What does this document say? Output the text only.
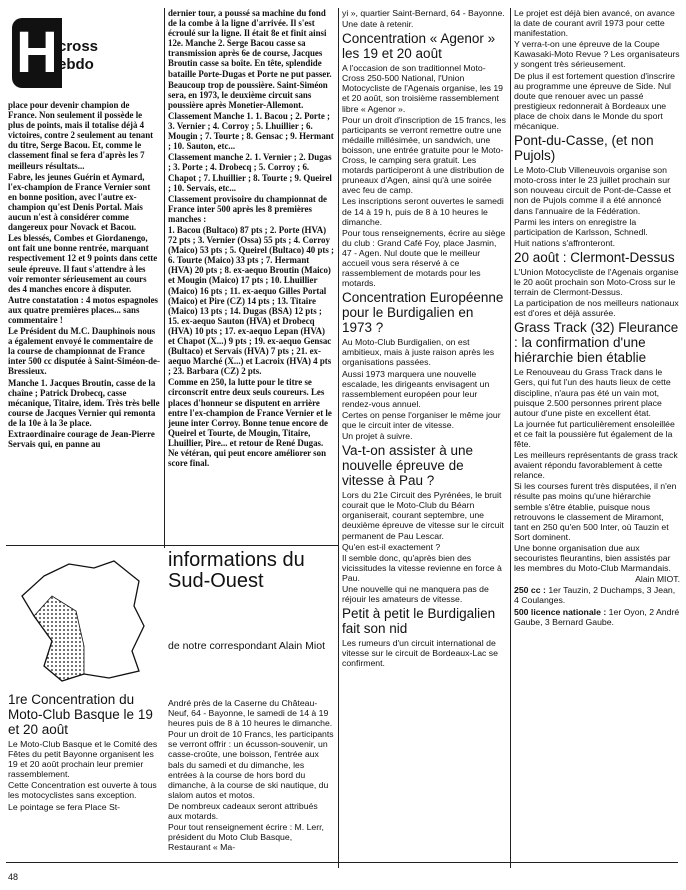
H cross
ebdo

place pour devenir champion de France. Non seulement il possède le plus de points, mais il totalise déjà 4 victoires, contre 2 seulement au tenant du titre, Serge Bacou. Et, comme le classement final se fera d'après les 7 meilleurs résultats...

Fabre, les jeunes Guérin et Aymard, l'ex-champion de France Vernier sont en bonne position, avec l'autre ex-champion qu'est Denis Portal. Mais aucun n'est à considérer comme dangereux pour Novack et Bacou.

Les blessés, Combes et Giordanengo, ont fait une bonne rentrée, marquant respectivement 12 et 9 points dans cette seule épreuve. Il faut s'attendre à les voir remonter sérieusement au cours des 4 manches encore à disputer.

Autre constatation : 4 motos espagnoles aux quatre premières places... sans commentaire !

Le Président du M.C. Dauphinois nous a également envoyé le commentaire de la course de championnat de France inter 500 cc disputée à Saint-Siméon-de-Bressieux.

Manche 1. Jacques Broutin, casse de la chaîne ; Patrick Drobecq, casse mécanique, Titaire, idem. Très très belle course de Jacques Vernier qui remonta de la 10e à la 3e place.

Extraordinaire courage de Jean-Pierre Servais qui, en panne au

dernier tour, a poussé sa machine du fond de la combe à la ligne d'arrivée. Il s'est écroulé sur la ligne. Il était 8e et finit ainsi 12e. Manche 2. Serge Bacou casse sa transmission après 6e de course, Jacques Broutin casse sa boîte. En tête, splendide bataille Porte-Dugas et Porte ne put passer.

Beaucoup trop de poussière. Saint-Siméon sera, en 1973, le deuxième circuit sans poussière après Monetier-Allemont.

Classement Manche 1. 1. Bacou ; 2. Porte ; 3. Vernier ; 4. Corroy ; 5. Lhuillier ; 6. Mougin ; 7. Tourte ; 8. Gensac ; 9. Hermant ; 10. Sauton, etc...

Classement manche 2. 1. Vernier ; 2. Dugas ; 3. Porte ; 4. Drobecq ; 5. Corroy ; 6. Chapot ; 7. Lhuillier ; 8. Tourte ; 9. Queirel ; 10. Servais, etc...

Classement provisoire du championnat de France inter 500 après les 8 premières manches :

1. Bacou (Bultaco) 87 pts ; 2. Porte (HVA) 72 pts ; 3. Vernier (Ossa) 55 pts ; 4. Corroy (Maico) 53 pts ; 5. Queirel (Bultaco) 40 pts ; 6. Tourte (Maico) 33 pts ; 7. Hermant (HVA) 20 pts ; 8. ex-aequo Broutin (Maico) et Mougin (Maico) 17 pts ; 10. Lhuillier (Maico) 16 pts ; 11. ex-aequo Gilles Portal (Maico) et Pire (CZ) 14 pts ; 13. Titaire (Maico) 13 pts ; 14. Dugas (BSA) 12 pts ; 15. ex-aequo Sauton (HVA) et Drobecq (HVA) 10 pts ; 17. ex-aequo Lepan (HVA) et Chapot (X...) 9 pts ; 19. ex-aequo Gensac (Bultaco) et Servais (HVA) 7 pts ; 21. ex-aequo Marché (X...) et Lacroix (HVA) 4 pts ; 23. Barbara (CZ) 2 pts.

Comme en 250, la lutte pour le titre se circonscrit entre deux seuls coureurs. Les places d'honneur se disputent en arrière entre l'ex-champion de France Vernier et le jeune inter Corroy. Bonne tenue encore de Queirel et Tourte, de Mougin, Titaire, Lhuillier, Pire... et retour de René Dugas. Ne vétéran, qui peut encore améliorer son score final.

1re Concentration du Moto-Club Basque le 19 et 20 août

Le Moto-Club Basque et le Comité des Fêtes du petit Bayonne organisent les 19 et 20 août prochain leur premier rassemblement.

Cette Concentration est ouverte à tous les motocyclistes sans exception.

Le pointage se fera Place St-

informations du Sud-Ouest
de notre correspondant Alain Miot

André près de la Caserne du Château-Neuf, 64 - Bayonne, le samedi de 14 à 19 heures puis de 8 à 10 heures le dimanche.

Pour un droit de 10 Francs, les participants se verront offrir : un écusson-souvenir, un casse-croûte, une boisson, l'entrée aux bals du samedi et du dimanche, les entrées à la course de hors bord du dimanche, à la course de ski nautique, du slalom autos et motos.

De nombreux cadeaux seront attribués aux motards.

Pour tout renseignement écrire : M. Lerr, président du Moto Club Basque, Restaurant « Ma-

yi », quartier Saint-Bernard, 64 - Bayonne.

Une date à retenir.

Concentration « Agenor » les 19 et 20 août

A l'occasion de son traditionnel Moto-Cross 250-500 National, l'Union Motocycliste de l'Agenais organise, les 19 et 20 août, son troisième rassemblement libre « Agenor ».

Pour un droit d'inscription de 15 francs, les participants se verront remettre outre une médaille millésimée, un sandwich, une boisson, une entrée gratuite pour le Moto-Cross, le camping sera gratuit. Les motards participeront à une distribution de pruneaux d'Agen, ainsi qu'à une soirée avec feu de camp.

Les inscriptions seront ouvertes le samedi de 14 à 19 h, puis de 8 à 10 heures le dimanche.

Pour tous renseignements, écrire au siège du club : Grand Café Foy, place Jasmin, 47 - Agen. Nul doute que le meilleur accueil vous sera réservé à ce rassemblement de motards pour les motards.

Concentration Européenne pour le Burdigalien en 1973 ?

Au Moto-Club Burdigalien, on est ambitieux, mais à juste raison après les organisations passées.

Aussi 1973 marquera une nouvelle escalade, les dirigeants envisagent un rassemblement européen pour leur rendez-vous annuel.

Certes on pense l'organiser le même jour que le circuit inter de vitesse.

Un projet à suivre.

Va-t-on assister à une nouvelle épreuve de vitesse à Pau ?

Lors du 21e Circuit des Pyrénées, le bruit courait que le Moto-Club du Béarn organiserait, courant septembre, une deuxième épreuve de vitesse sur le circuit permanent de Pau Lescar.

Qu'en est-il exactement ?

Il semble donc, qu'après bien des vicissitudes la vitesse revienne en force à Pau.

Une nouvelle qui ne manquera pas de réjouir les amateurs de vitesse.

Petit à petit le Burdigalien fait son nid

Les rumeurs d'un circuit international de vitesse sur le circuit de Bordeaux-Lac se confirment.

Le projet est déjà bien avancé, on avance la date de courant avril 1973 pour cette manifestation.

Y verra-t-on une épreuve de la Coupe Kawasaki-Moto Revue ? Les organisateurs y songent très sérieusement.

De plus il est fortement question d'inscrire au programme une épreuve de Side. Nul doute que renouer avec un passé prestigieux redonnerait à Bordeaux une place de choix dans le Monde du sport mécanique.

Pont-du-Casse, (et non Pujols)

Le Moto-Club Villeneuvois organise son moto-cross inter le 23 juillet prochain sur son nouveau circuit de Pont-de-Casse et non de Pujols comme il a été annoncé dans l'annuaire de la Fédération.

Parmi les inters on enregistre la participation de Karlsson, Schnedl.

Huit nations s'affronteront.

20 août : Clermont-Dessus

L'Union Motocycliste de l'Agenais organise le 20 août prochain son Moto-Cross sur le terrain de Clermont-Dessus.

La participation de nos meilleurs nationaux est d'ores et déjà assurée.

Grass Track (32) Fleurance : la confirmation d'une hiérarchie bien établie

Le Renouveau du Grass Track dans le Gers, qui fut l'un des hauts lieux de cette discipline, n'aura pas été un vain mot, puisque 2.500 personnes prirent place autour d'une piste en excellent état.

La journée fut particulièrement ensoleillée et ce fait la poussière fut également de la fête.

Les meilleurs représentants de grass track avaient répondu favorablement à cette relance.

Si les courses furent très disputées, il n'en résulte pas moins qu'une hiérarchie semble s'être établie, puisque nous retrouvons le classement de Miramont, tant en 250 qu'en 500 Inter, où Tauzin et Sort dominent.

Une bonne organisation due aux secouristes fleurantins, bien assistés par les membres du Moto-Club Marmandais.

Alain MIOT.

250 cc : 1er Tauzin, 2 Duchamps, 3 Jean, 4 Coulanges.

500 licence nationale : 1er Oyon, 2 André Gaube, 3 Bernard Gaube.

48
